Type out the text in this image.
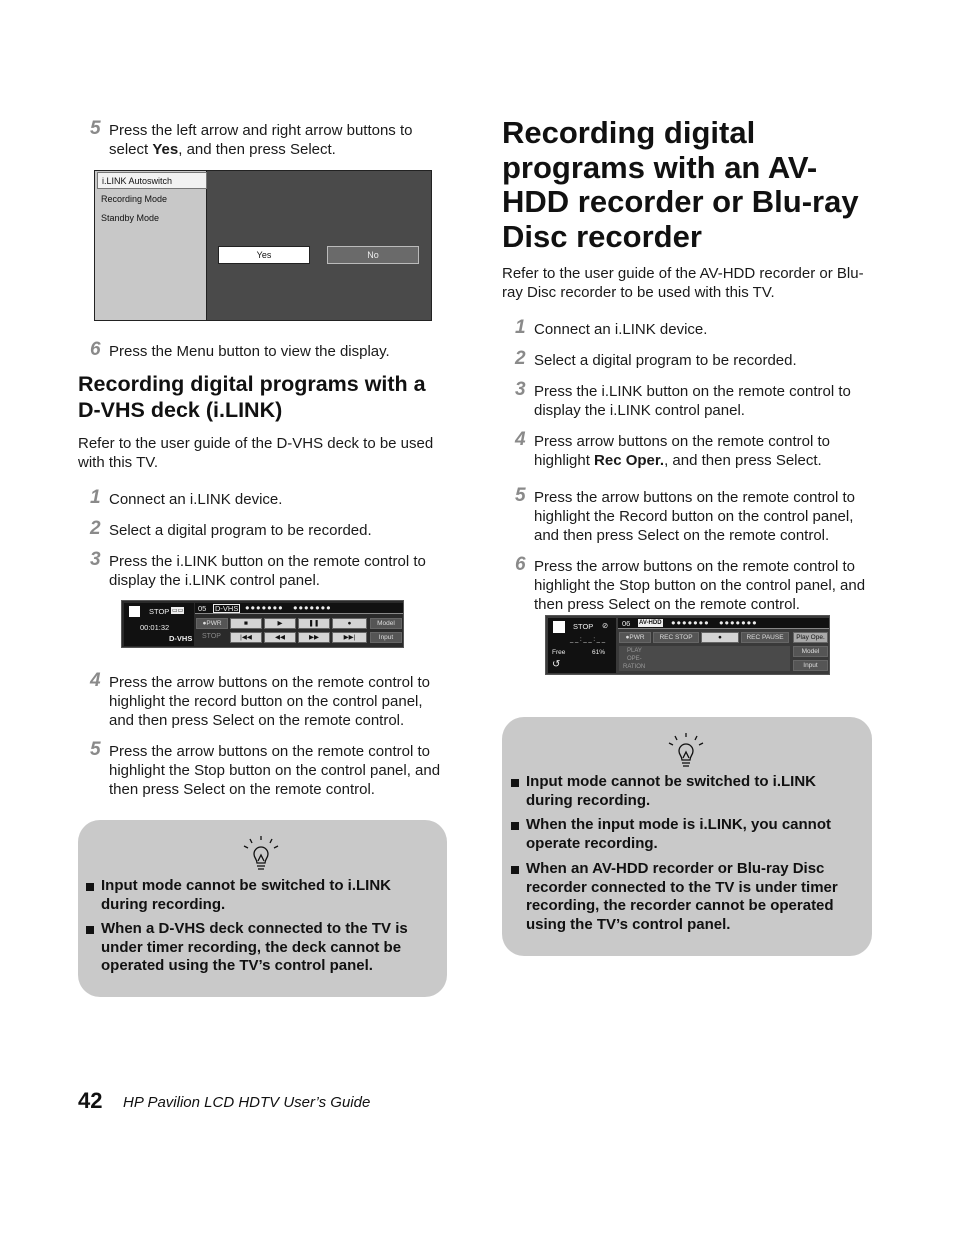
5 Press the left arrow and right arrow buttons to select Yes, and then press Select.
i.LINK Autoswitch
Recording Mode
Standby Mode
Yes	No
6 Press the Menu button to view the display.
Recording digital programs with a D-VHS deck (i.LINK)
Refer to the user guide of the D-VHS deck to be used with this TV.
1 Connect an i.LINK device.
2 Select a digital program to be recorded.
3 Press the i.LINK button on the remote control to display the i.LINK control panel.
STOP ▭▭
00:01:32
D-VHS
05 D-VHS ●●●●●●●   ●●●●●●●
●PWR	■	▶	❚❚	●	Model
STOP	|◀◀	◀◀	▶▶	▶▶|	Input
4 Press the arrow buttons on the remote control to highlight the record button on the control panel, and then press Select on the remote control.
5 Press the arrow buttons on the remote control to highlight the Stop button on the control panel, and then press Select on the remote control.
Input mode cannot be switched to i.LINK during recording.
When a D-VHS deck connected to the TV is under timer recording, the deck cannot be operated using the TV’s control panel.
Recording digital programs with an AV-HDD recorder or Blu-ray Disc recorder
Refer to the user guide of the AV-HDD recorder or Blu-ray Disc recorder to be used with this TV.
1 Connect an i.LINK device.
2 Select a digital program to be recorded.
3 Press the i.LINK button on the remote control to display the i.LINK control panel.
4 Press arrow buttons on the remote control to highlight Rec Oper., and then press Select.
5 Press the arrow buttons on the remote control to highlight the Record button on the control panel, and then press Select on the remote control.
6 Press the arrow buttons on the remote control to highlight the Stop button on the control panel, and then press Select on the remote control.
STOP ⊘
_ _ : _ _ : _ _
Free	61%
↺
06 AV-HDD ●●●●●●●   ●●●●●●●
●PWR	REC STOP	●	REC PAUSE	Play Ope.
PLAY
OPE-
RATION
Model
Input
Input mode cannot be switched to i.LINK during recording.
When the input mode is i.LINK, you cannot operate recording.
When an AV-HDD recorder or Blu-ray Disc recorder connected to the TV is under timer recording, the recorder cannot be operated using the TV’s control panel.
42 HP Pavilion LCD HDTV User’s Guide
